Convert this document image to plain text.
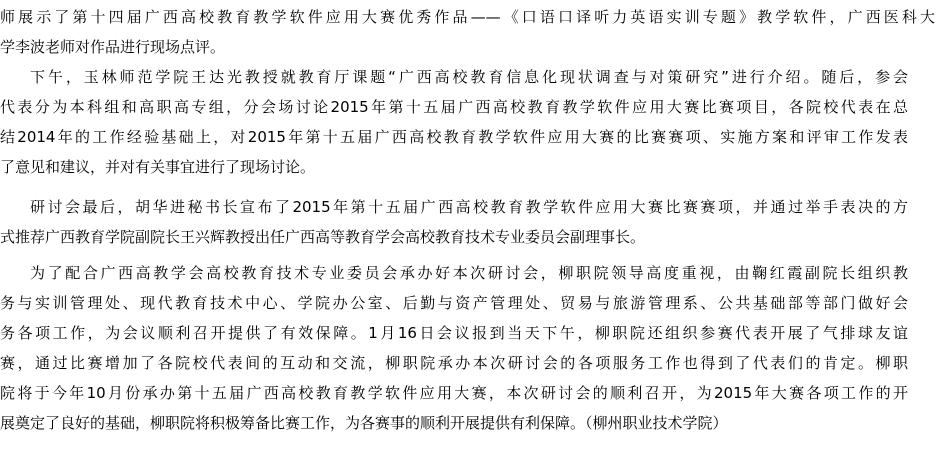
师展示了第十四届广西高校教育教学软件应用大赛优秀作品——《口语口译听力英语实训专题》教学软件，广西医科大
学李波老师对作品进行现场点评。
下午，玉林师范学院王达光教授就教育厅课题“广西高校教育信息化现状调查与对策研究”进行介绍。随后，参会
代表分为本科组和高职高专组，分会场讨论2015年第十五届广西高校教育教学软件应用大赛比赛项目，各院校代表在总
结2014年的工作经验基础上，对2015年第十五届广西高校教育教学软件应用大赛的比赛赛项、实施方案和评审工作发表
了意见和建议，并对有关事宜进行了现场讨论。
研讨会最后，胡华进秘书长宣布了2015年第十五届广西高校教育教学软件应用大赛比赛赛项，并通过举手表决的方
式推荐广西教育学院副院长王兴辉教授出任广西高等教育学会高校教育技术专业委员会副理事长。
为了配合广西高教学会高校教育技术专业委员会承办好本次研讨会，柳职院领导高度重视，由鞠红霞副院长组织教
务与实训管理处、现代教育技术中心、学院办公室、后勤与资产管理处、贸易与旅游管理系、公共基础部等部门做好会
务各项工作，为会议顺利召开提供了有效保障。1月16日会议报到当天下午，柳职院还组织参赛代表开展了气排球友谊
赛，通过比赛增加了各院校代表间的互动和交流，柳职院承办本次研讨会的各项服务工作也得到了代表们的肯定。柳职
院将于今年10月份承办第十五届广西高校教育教学软件应用大赛，本次研讨会的顺利召开，为2015年大赛各项工作的开
展奠定了良好的基础，柳职院将积极筹备比赛工作，为各赛事的顺利开展提供有利保障。（柳州职业技术学院）
